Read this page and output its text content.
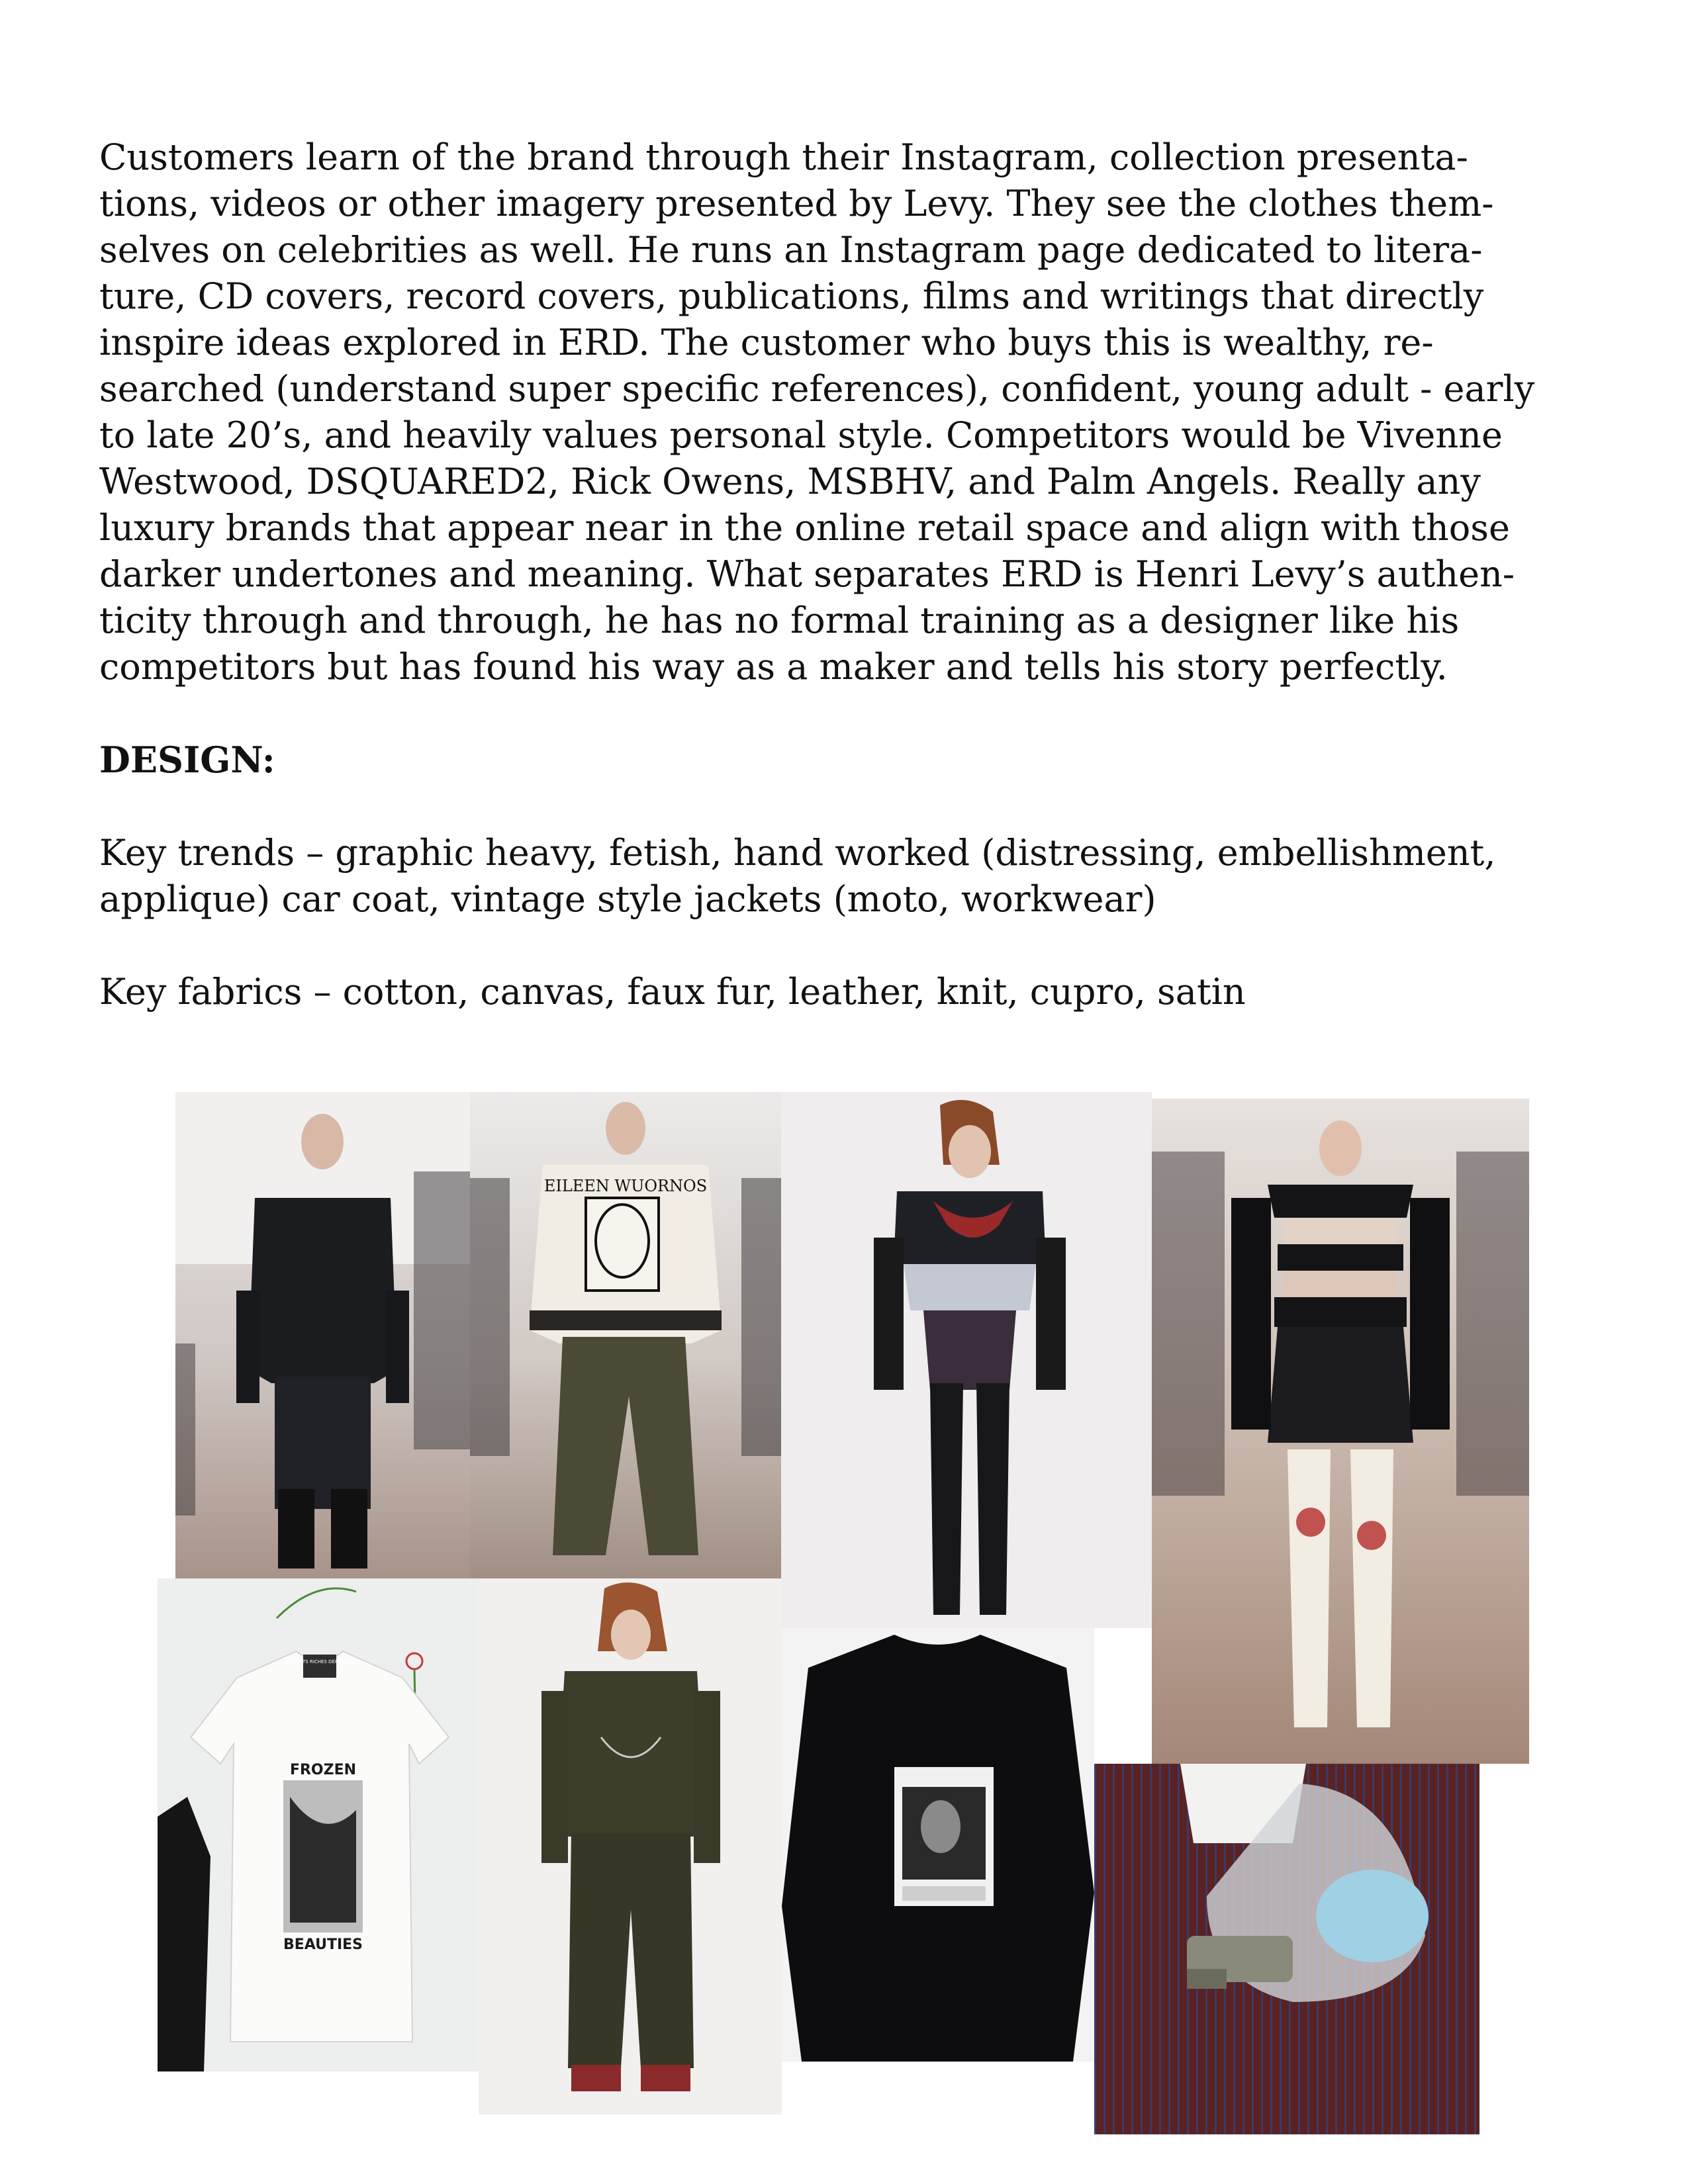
Customers learn of the brand through their Instagram, collection presenta-
tions, videos or other imagery presented by Levy. They see the clothes them-
selves on celebrities as well. He runs an Instagram page dedicated to litera-
ture, CD covers, record covers, publications, films and writings that directly
inspire ideas explored in ERD. The customer who buys this is wealthy, re-
searched (understand super specific references), confident, young adult - early
to late 20’s, and heavily values personal style. Competitors would be Vivenne
Westwood, DSQUARED2, Rick Owens, MSBHV, and Palm Angels. Really any
luxury brands that appear near in the online retail space and align with those
darker undertones and meaning. What separates ERD is Henri Levy’s authen-
ticity through and through, he has no formal training as a designer like his
competitors but has found his way as a maker and tells his story perfectly.
DESIGN:
Key trends – graphic heavy, fetish, hand worked (distressing, embellishment,
applique) car coat, vintage style jackets (moto, workwear)
Key fabrics – cotton, canvas, faux fur, leather, knit, cupro, satin
EILEEN WUORNOS
ENFANTS RICHES DÉPRIMÉS
FROZEN
BEAUTIES
